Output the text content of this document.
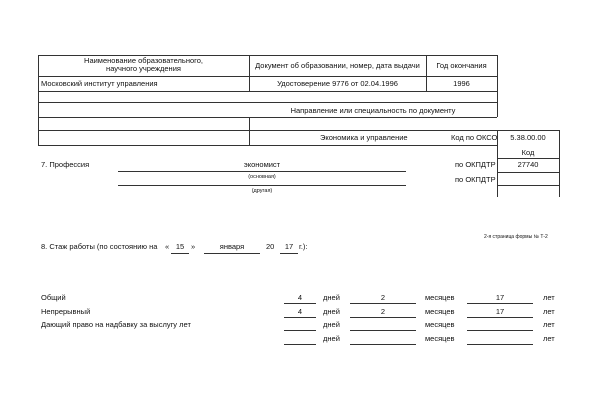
Наименование образовательного,
научного учреждения	Документ об образовании, номер, дата выдачи	Год окончания
Московский институт управления	Удостоверение 9776 от 02.04.1996	1996
Направление или специальность по документу
Экономика и управление	Код по ОКСО	5.38.00.00
Код
7. Профессия	экономист
(основная)
(другая)
по ОКПДТР	27740
по ОКПДТР
2-я страница формы № Т-2
8. Стаж работы (по состоянию на « 15 »	января	20	17 г.):
Общий	4	дней	2	месяцев	17	лет
Непрерывный	4	дней	2	месяцев	17	лет
Дающий право на надбавку за выслугу лет	дней	месяцев	лет
дней	месяцев	лет
